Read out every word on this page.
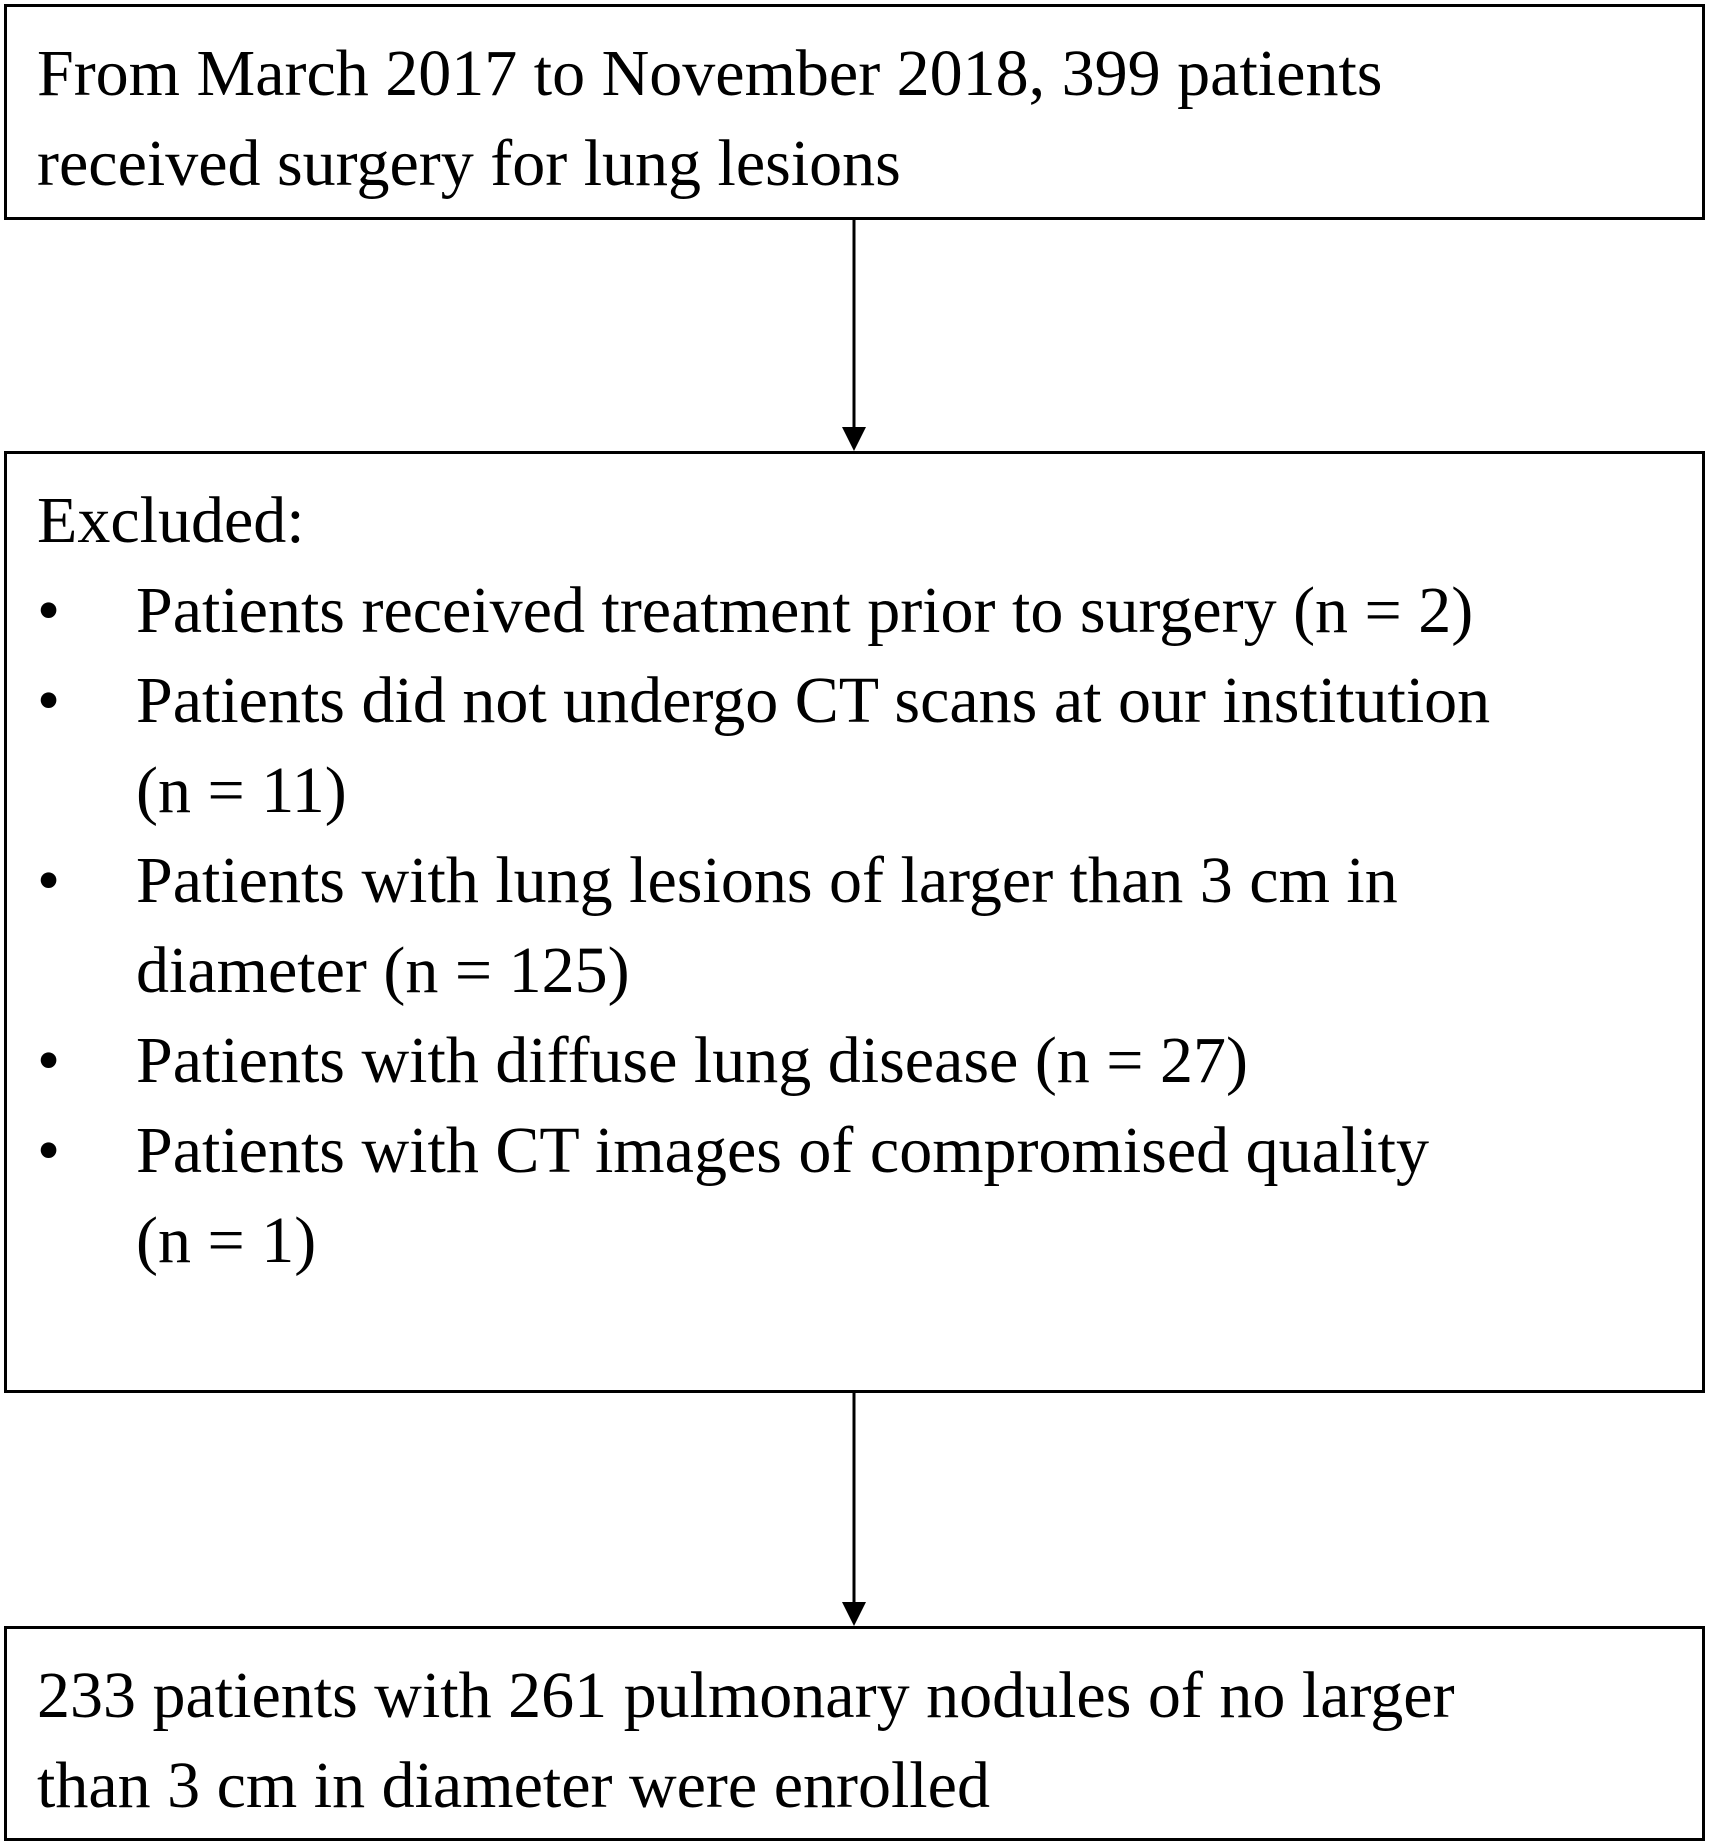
From March 2017 to November 2018, 399 patients
received surgery for lung lesions
Excluded:
• Patients received treatment prior to surgery (n = 2)
• Patients did not undergo CT scans at our institution
(n = 11)
• Patients with lung lesions of larger than 3 cm in
diameter (n = 125)
• Patients with diffuse lung disease (n = 27)
• Patients with CT images of compromised quality
(n = 1)
233 patients with 261 pulmonary nodules of no larger
than 3 cm in diameter were enrolled
